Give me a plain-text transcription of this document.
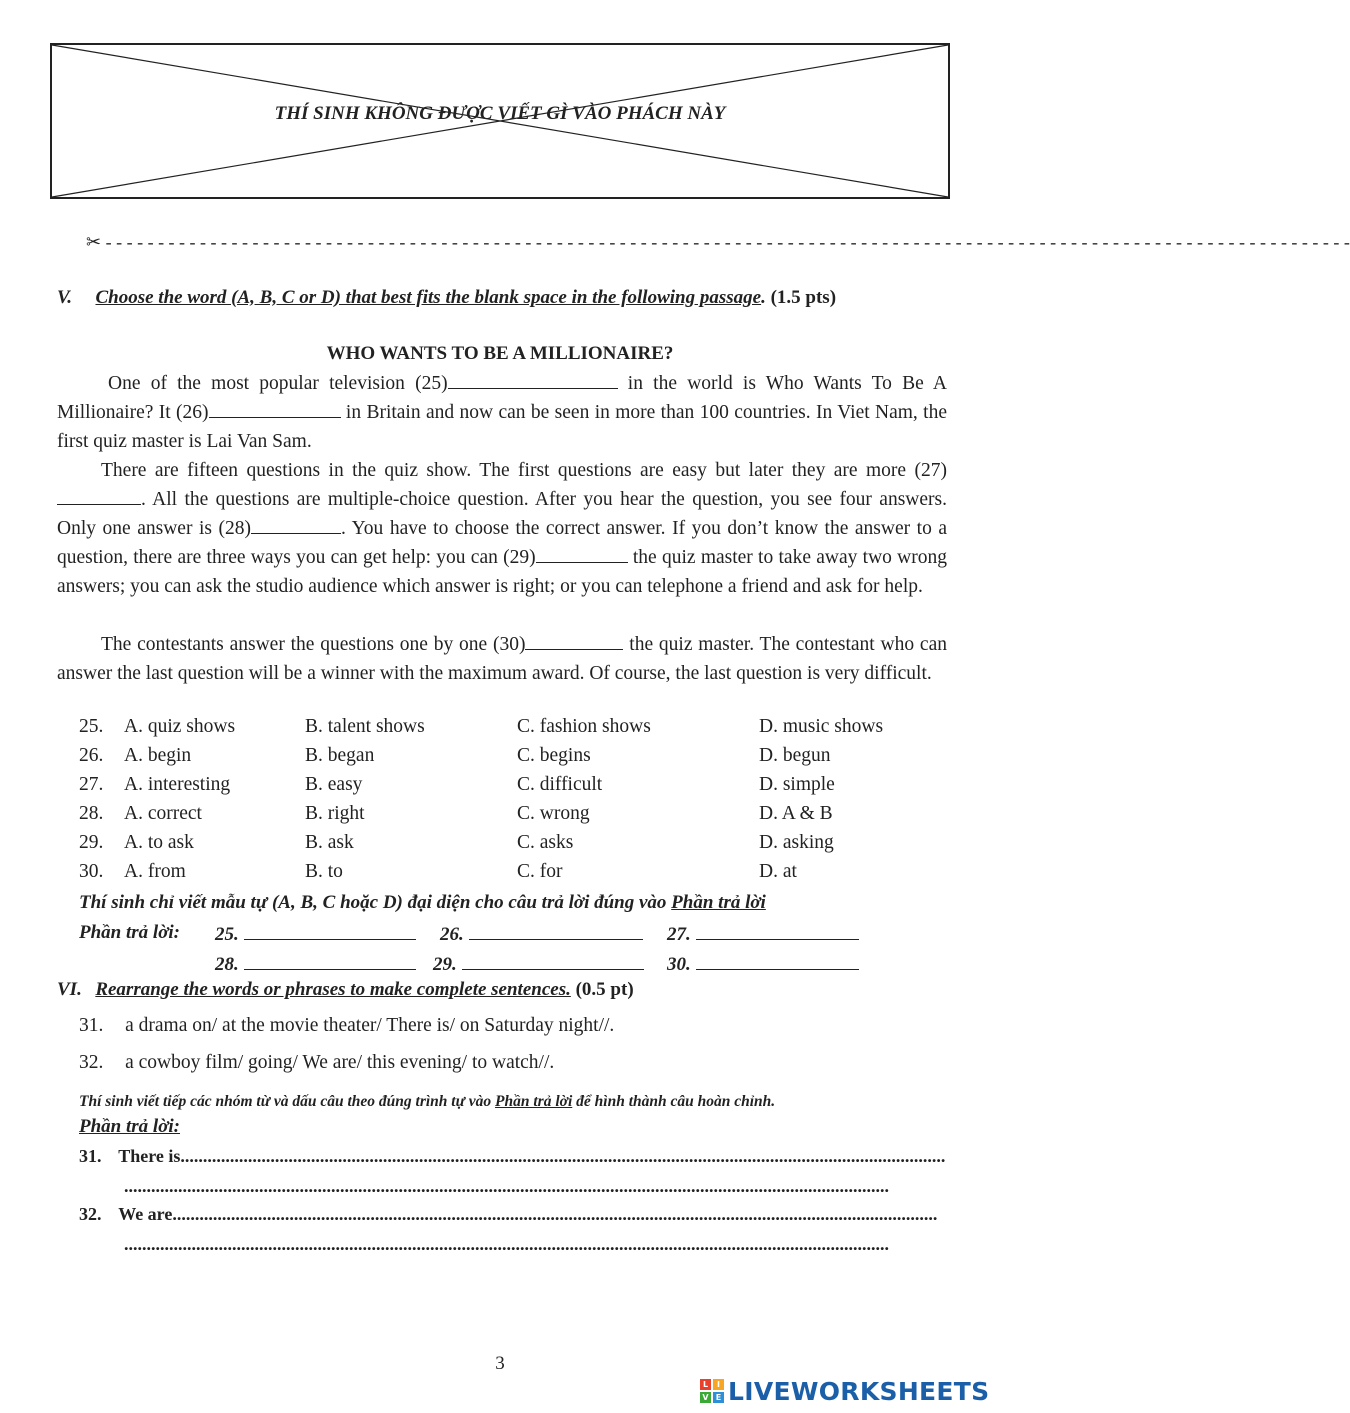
THÍ SINH KHÔNG ĐƯỢC VIẾT GÌ VÀO PHÁCH NÀY
✂ - - - - - - - - - - - - - - - - - - - - - - - - - - - - - - - - - - - - - - - - - - - - - - - - - - - - - - - - - - - - - - - - - - - - - - - - - - - - - - - - - - - - - - - - - - - - - - - - - - - - - - - - - - - - - - - - - - - - - - -
V. Choose the word (A, B, C or D) that best fits the blank space in the following passage. (1.5 pts)
WHO WANTS TO BE A MILLIONAIRE?
One of the most popular television (25)	in the world is Who Wants To Be A Millionaire? It (26)	in Britain and now can be seen in more than 100 countries. In Viet Nam, the first quiz master is Lai Van Sam.
There are fifteen questions in the quiz show. The first questions are easy but later they are more (27). All the questions are multiple-choice question. After you hear the question, you see four answers. Only one answer is (28)	. You have to choose the correct answer. If you don’t know the answer to a question, there are three ways you can get help: you can (29)	the quiz master to take away two wrong answers; you can ask the studio audience which answer is right; or you can telephone a friend and ask for help.
The contestants answer the questions one by one (30)	the quiz master. The contestant who can answer the last question will be a winner with the maximum award. Of course, the last question is very difficult.
25. A. quiz shows	B. talent shows	C. fashion shows	D. music shows
26. A. begin	B. began	C. begins	D. begun
27. A. interesting	B. easy	C. difficult	D. simple
28. A. correct	B. right	C. wrong	D. A & B
29. A. to ask	B. ask	C. asks	D. asking
30. A. from	B. to	C. for	D. at
Thí sinh chỉ viết mẫu tự (A, B, C hoặc D) đại diện cho câu trả lời đúng vào Phần trả lời
Phần trả lời: 25.	26.	27.
28.	29.	30.
VI. Rearrange the words or phrases to make complete sentences. (0.5 pt)
31. a drama on/ at the movie theater/ There is/ on Saturday night//.
32. a cowboy film/ going/ We are/ this evening/ to watch//.
Thí sinh viết tiếp các nhóm từ và dấu câu theo đúng trình tự vào Phần trả lời để hình thành câu hoàn chỉnh.
Phần trả lời:
31. There is..........................................................................................................................................................................
..........................................................................................................................................................................
32. We are..........................................................................................................................................................................
..........................................................................................................................................................................
3
L	I
V E LIVEWORKSHEETS
